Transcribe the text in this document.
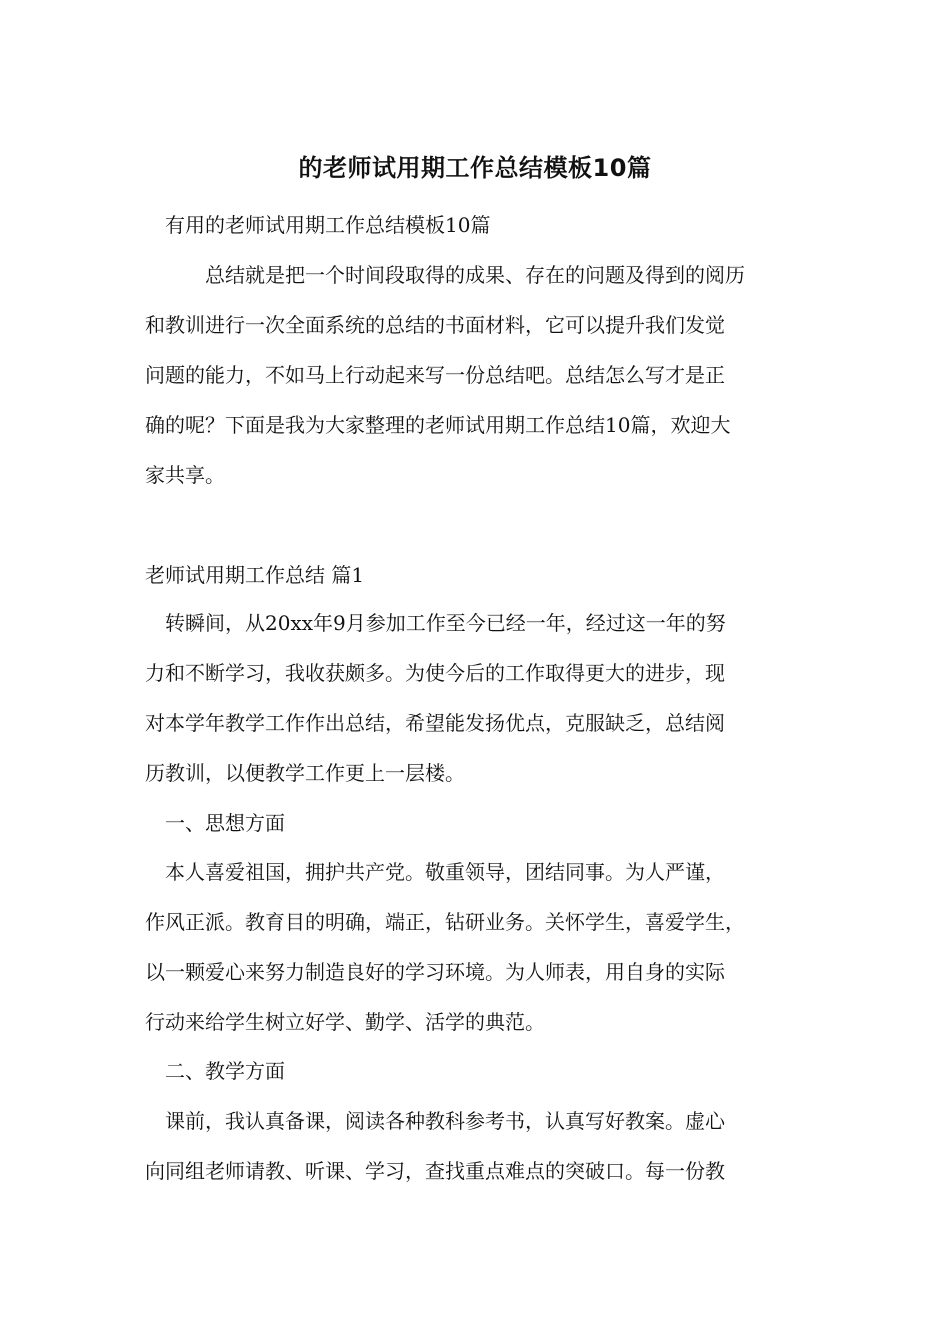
的老师试用期工作总结模板10篇
有用的老师试用期工作总结模板10篇
总结就是把一个时间段取得的成果、存在的问题及得到的阅历
和教训进行一次全面系统的总结的书面材料，它可以提升我们发觉
问题的能力，不如马上行动起来写一份总结吧。总结怎么写才是正
确的呢？下面是我为大家整理的老师试用期工作总结10篇，欢迎大
家共享。
老师试用期工作总结 篇1
转瞬间，从20xx年9月参加工作至今已经一年，经过这一年的努
力和不断学习，我收获颇多。为使今后的工作取得更大的进步，现
对本学年教学工作作出总结，希望能发扬优点，克服缺乏，总结阅
历教训，以便教学工作更上一层楼。
一、思想方面
本人喜爱祖国，拥护共产党。敬重领导，团结同事。为人严谨，
作风正派。教育目的明确，端正，钻研业务。关怀学生，喜爱学生，
以一颗爱心来努力制造良好的学习环境。为人师表，用自身的实际
行动来给学生树立好学、勤学、活学的典范。
二、教学方面
课前，我认真备课，阅读各种教科参考书，认真写好教案。虚心
向同组老师请教、听课、学习，查找重点难点的突破口。每一份教
